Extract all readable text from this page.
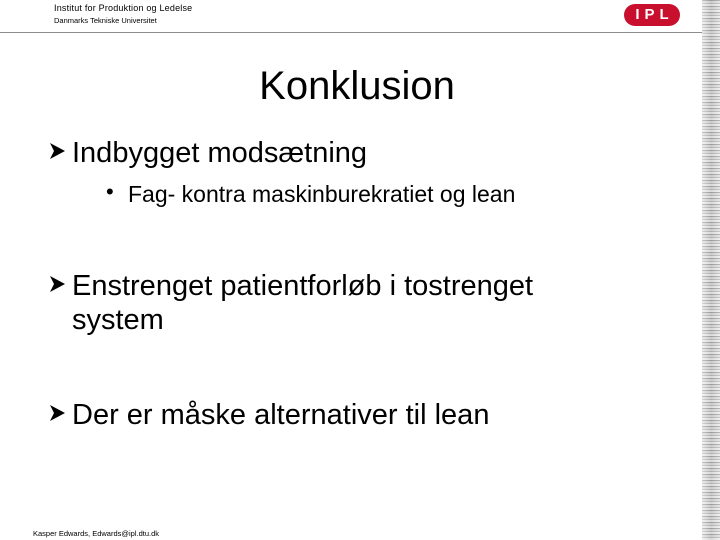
Institut for Produktion og Ledelse
Danmarks Tekniske Universitet	IPL
Konklusion
Indbygget modsætning
• Fag- kontra maskinburekratiet og lean
Enstrenget patientforløb i tostrenget system
Der er måske alternativer til lean
Kasper Edwards, Edwards@ipl.dtu.dk
